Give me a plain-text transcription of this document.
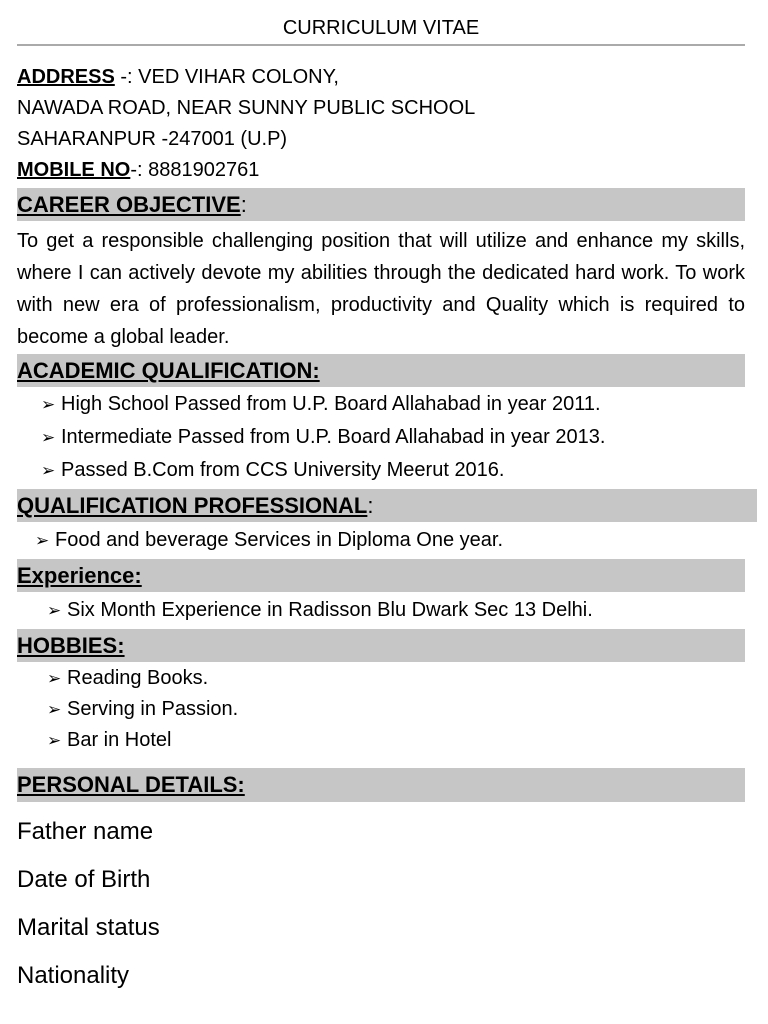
CURRICULUM VITAE
ADDRESS -: VED VIHAR COLONY,
NAWADA ROAD, NEAR SUNNY PUBLIC SCHOOL
SAHARANPUR -247001 (U.P)
MOBILE NO-: 8881902761
CAREER OBJECTIVE:

To get a responsible challenging position that will utilize and enhance my skills, where I can actively devote my abilities through the dedicated hard work. To work with new era of professionalism, productivity and Quality which is required to become a global leader.

ACADEMIC QUALIFICATION:
➢ High School Passed from U.P. Board Allahabad in year 2011.
➢ Intermediate Passed from U.P. Board Allahabad in year 2013.
➢ Passed B.Com from CCS University Meerut 2016.
QUALIFICATION PROFESSIONAL:
➢ Food and beverage Services in Diploma One year.
Experience:
➢ Six Month Experience in Radisson Blu Dwark Sec 13 Delhi.
HOBBIES:
➢ Reading Books.
➢ Serving in Passion.
➢ Bar in Hotel
PERSONAL DETAILS:
Father name
Date of Birth
Marital status
Nationality
